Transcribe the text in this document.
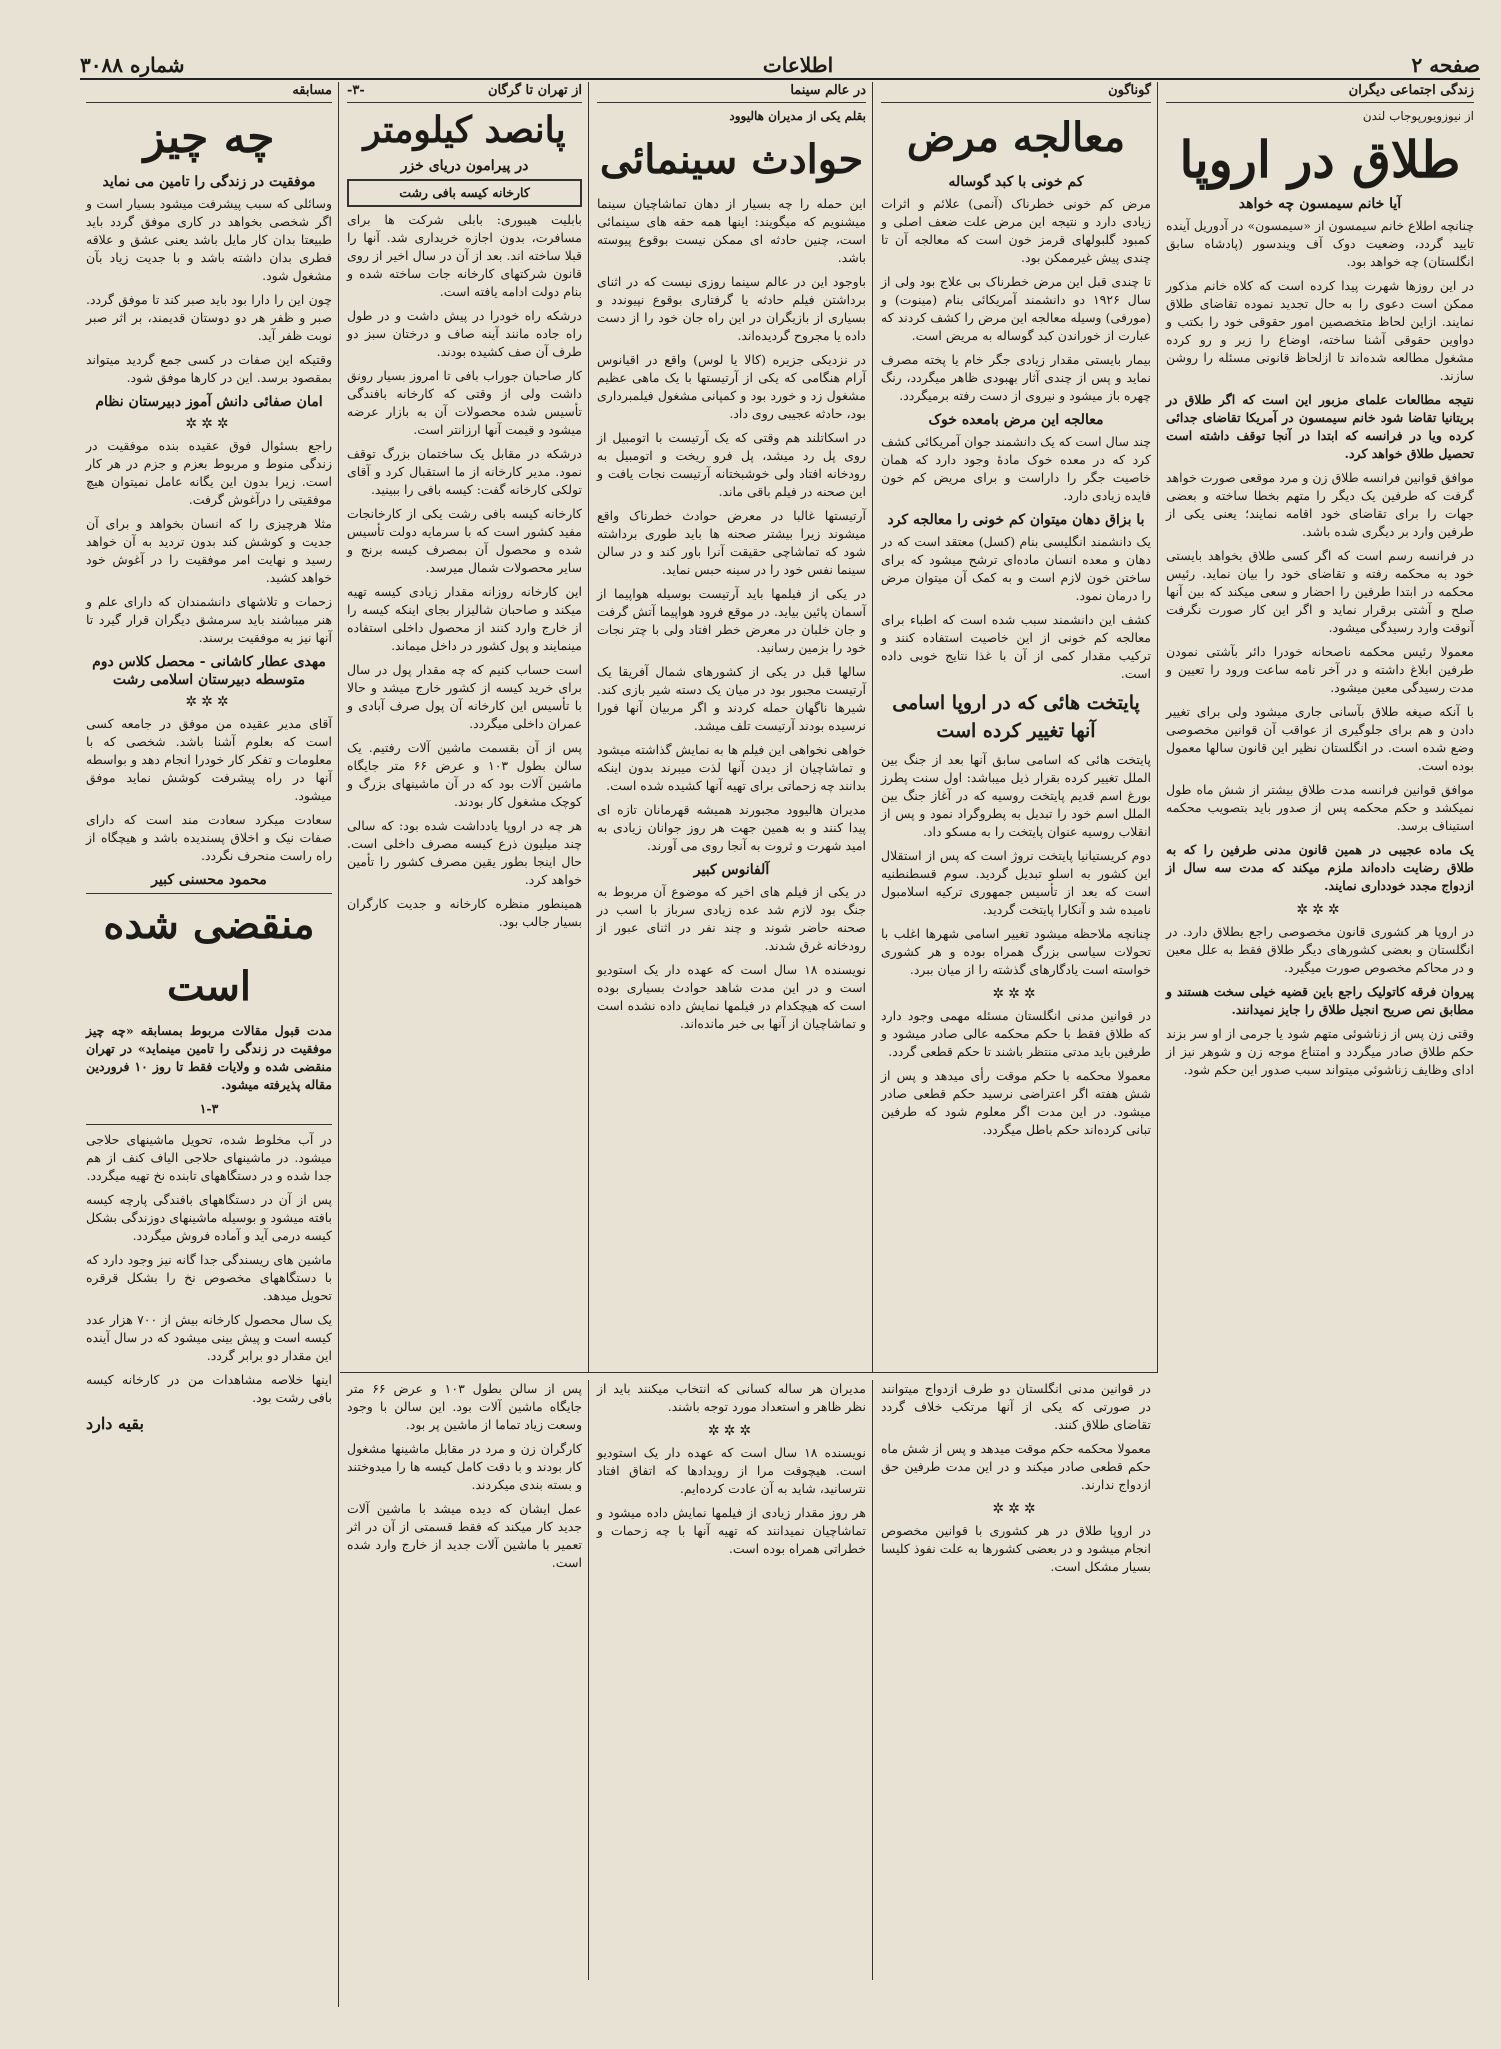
صفحه ۲
اطلاعات
شماره ۳۰۸۸
زندگی اجتماعی دیگران
از نیوزویورپوجاب لندن
طلاق در اروپا
آیا خانم سیمسون چه خواهد

چنانچه اطلاع خانم سیمسون از «سیمسون» در آدوریل آینده تایید گردد، وضعیت دوک آف ویندسور (پادشاه سابق انگلستان) چه خواهد بود.

در این روزها شهرت پیدا کرده است که کلاه خانم مذکور ممکن است دعوی را به حال تجدید نموده تقاضای طلاق نمایند. ازاین لحاظ متخصصین امور حقوقی خود را بکتب و دواوین حقوقی آشنا ساخته، اوضاع را زیر و رو کرده مشغول مطالعه شده‌اند تا ازلحاظ قانونی مسئله را روشن سازند.

نتیجه مطالعات علمای مزبور این است که اگر طلاق در بریتانیا تقاضا شود خانم سیمسون در آمریکا تقاضای جدائی کرده ویا در فرانسه که ابتدا در آنجا توقف داشته است تحصیل طلاق خواهد کرد.

موافق قوانین فرانسه طلاق زن و مرد موقعی صورت خواهد گرفت که طرفین یک دیگر را متهم بخطا ساخته و بعضی جهات را برای تقاضای خود اقامه نمایند؛ یعنی یکی از طرفین وارد بر دیگری شده باشد.

در فرانسه رسم است که اگر کسی طلاق بخواهد بایستی خود به محکمه رفته و تقاضای خود را بیان نماید. رئیس محکمه در ابتدا طرفین را احضار و سعی میکند که بین آنها صلح و آشتی برقرار نماید و اگر این کار صورت نگرفت آنوقت وارد رسیدگی میشود.

معمولا رئیس محکمه ناصحانه خودرا دائر بآشتی نمودن طرفین ابلاغ داشته و در آخر نامه ساعت ورود را تعیین و مدت رسیدگی معین میشود.

با آنکه صیغه طلاق بآسانی جاری میشود ولی برای تغییر دادن و هم برای جلوگیری از عواقب آن قوانین مخصوصی وضع شده است. در انگلستان نظیر این قانون سالها معمول بوده است.

موافق قوانین فرانسه مدت طلاق بیشتر از شش ماه طول نمیکشد و حکم محکمه پس از صدور باید بتصویب محکمه استیناف برسد.

یک ماده عجیبی در همین قانون مدنی طرفین را که به طلاق رضایت داده‌اند ملزم میکند که مدت سه سال از ازدواج مجدد خودداری نمایند.

✲✲✲

در اروپا هر کشوری قانون مخصوصی راجع بطلاق دارد. در انگلستان و بعضی کشورهای دیگر طلاق فقط به علل معین و در محاکم مخصوص صورت میگیرد.

پیروان فرقه کاتولیک راجع باین قضیه خیلی سخت هستند و مطابق نص صریح انجیل طلاق را جایز نمیدانند.

وقتی زن پس از زناشوئی متهم شود یا جرمی از او سر بزند حکم طلاق صادر میگردد و امتناع موجه زن و شوهر نیز از ادای وظایف زناشوئی میتواند سبب صدور این حکم شود.

گوناگون
معالجه مرض
کم خونی با کبد گوساله

مرض کم خونی خطرناک (آنمی) علائم و اثرات زیادی دارد و نتیجه این مرض علت ضعف اصلی و کمبود گلبولهای قرمز خون است که معالجه آن تا چندی پیش غیرممکن بود.

تا چندی قبل این مرض خطرناک بی علاج بود ولی از سال ۱۹۲۶ دو دانشمند آمریکائی بنام (مینوت) و (مورفی) وسیله معالجه این مرض را کشف کردند که عبارت از خوراندن کبد گوساله به مریض است.

بیمار بایستی مقدار زیادی جگر خام یا پخته مصرف نماید و پس از چندی آثار بهبودی ظاهر میگردد، رنگ چهره باز میشود و نیروی از دست رفته برمیگردد.

معالجه این مرض بامعده خوک

چند سال است که یک دانشمند جوان آمریکائی کشف کرد که در معده خوک مادهٔ وجود دارد که همان خاصیت جگر را داراست و برای مریض کم خون فایده زیادی دارد.

با بزاق دهان میتوان کم خونی را معالجه کرد

یک دانشمند انگلیسی بنام (کسل) معتقد است که در دهان و معده انسان ماده‌ای ترشح میشود که برای ساختن خون لازم است و به کمک آن میتوان مرض را درمان نمود.

کشف این دانشمند سبب شده است که اطباء برای معالجه کم خونی از این خاصیت استفاده کنند و ترکیب مقدار کمی از آن با غذا نتایج خوبی داده است.

پایتخت هائی که در اروپا اسامی آنها تغییر کرده است

پایتخت هائی که اسامی سابق آنها بعد از جنگ بین الملل تغییر کرده بقرار ذیل میباشد: اول سنت پطرز بورغ اسم قدیم پایتخت روسیه که در آغاز جنگ بین الملل اسم خود را تبدیل به پطروگراد نمود و پس از انقلاب روسیه عنوان پایتخت را به مسکو داد.

دوم کریستیانیا پایتخت نروژ است که پس از استقلال این کشور به اسلو تبدیل گردید. سوم قسطنطنیه است که بعد از تأسیس جمهوری ترکیه اسلامبول نامیده شد و آنکارا پایتخت گردید.

چنانچه ملاحظه میشود تغییر اسامی شهرها اغلب با تحولات سیاسی بزرگ همراه بوده و هر کشوری خواسته است یادگارهای گذشته را از میان ببرد.

✲✲✲

در قوانین مدنی انگلستان مسئله مهمی وجود دارد که طلاق فقط با حکم محکمه عالی صادر میشود و طرفین باید مدتی منتظر باشند تا حکم قطعی گردد.

معمولا محکمه با حکم موقت رأی میدهد و پس از شش هفته اگر اعتراضی نرسید حکم قطعی صادر میشود. در این مدت اگر معلوم شود که طرفین تبانی کرده‌اند حکم باطل میگردد.

در عالم سینما
بقلم یکی از مدیران هالیوود
حوادث سینمائی

این حمله را چه بسیار از دهان تماشاچیان سینما میشنویم که میگویند: اینها همه حقه های سینمائی است، چنین حادثه ای ممکن نیست بوقوع پیوسته باشد.

باوجود این در عالم سینما روزی نیست که در اثنای برداشتن فیلم حادثه یا گرفتاری بوقوع نپیوندد و بسیاری از بازیگران در این راه جان خود را از دست داده یا مجروح گردیده‌اند.

در نزدیکی جزیره (کالا یا لوس) واقع در اقیانوس آرام هنگامی که یکی از آرتیستها با یک ماهی عظیم مشغول زد و خورد بود و کمپانی مشغول فیلمبرداری بود، حادثه عجیبی روی داد.

در اسکاتلند هم وقتی که یک آرتیست با اتومبیل از روی پل رد میشد، پل فرو ریخت و اتومبیل به رودخانه افتاد ولی خوشبختانه آرتیست نجات یافت و این صحنه در فیلم باقی ماند.

آرتیستها غالبا در معرض حوادث خطرناک واقع میشوند زیرا بیشتر صحنه ها باید طوری برداشته شود که تماشاچی حقیقت آنرا باور کند و در سالن سینما نفس خود را در سینه حبس نماید.

در یکی از فیلمها باید آرتیست بوسیله هواپیما از آسمان پائین بیاید. در موقع فرود هواپیما آتش گرفت و جان خلبان در معرض خطر افتاد ولی با چتر نجات خود را بزمین رسانید.

سالها قبل در یکی از کشورهای شمال آفریقا یک آرتیست مجبور بود در میان یک دسته شیر بازی کند. شیرها ناگهان حمله کردند و اگر مربیان آنها فورا نرسیده بودند آرتیست تلف میشد.

خواهی نخواهی این فیلم ها به نمایش گذاشته میشود و تماشاچیان از دیدن آنها لذت میبرند بدون اینکه بدانند چه زحماتی برای تهیه آنها کشیده شده است.

مدیران هالیوود مجبورند همیشه قهرمانان تازه ای پیدا کنند و به همین جهت هر روز جوانان زیادی به امید شهرت و ثروت به آنجا روی می آورند.

آلفانوس کبیر

در یکی از فیلم های اخیر که موضوع آن مربوط به جنگ بود لازم شد عده زیادی سرباز با اسب در صحنه حاضر شوند و چند نفر در اثنای عبور از رودخانه غرق شدند.

نویسنده ۱۸ سال است که عهده دار یک استودیو است و در این مدت شاهد حوادث بسیاری بوده است که هیچکدام در فیلمها نمایش داده نشده است و تماشاچیان از آنها بی خبر مانده‌اند.

از تهران تا گرگان
-۳-
پانصد کیلومتر
در پیرامون دریای خزر
کارخانه کیسه بافی رشت

بابلیت هیبوری: بابلی شرکت ها برای مسافرت، بدون اجازه خریداری شد. آنها را قبلا ساخته اند. بعد از آن در سال اخیر از روی قانون شرکتهای کارخانه جات ساخته شده و بنام دولت ادامه یافته است.

درشکه راه خودرا در پیش داشت و در طول راه جاده مانند آینه صاف و درختان سبز دو طرف آن صف کشیده بودند.

کار صاحبان جوراب بافی تا امروز بسیار رونق داشت ولی از وقتی که کارخانه بافندگی تأسیس شده محصولات آن به بازار عرضه میشود و قیمت آنها ارزانتر است.

درشکه در مقابل یک ساختمان بزرگ توقف نمود. مدیر کارخانه از ما استقبال کرد و آقای تولکی کارخانه گفت: کیسه بافی را ببینید.

کارخانه کیسه بافی رشت یکی از کارخانجات مفید کشور است که با سرمایه دولت تأسیس شده و محصول آن بمصرف کیسه برنج و سایر محصولات شمال میرسد.

این کارخانه روزانه مقدار زیادی کیسه تهیه میکند و صاحبان شالیزار بجای اینکه کیسه را از خارج وارد کنند از محصول داخلی استفاده مینمایند و پول کشور در داخل میماند.

است حساب کنیم که چه مقدار پول در سال برای خرید کیسه از کشور خارج میشد و حالا با تأسیس این کارخانه آن پول صرف آبادی و عمران داخلی میگردد.

پس از آن بقسمت ماشین آلات رفتیم. یک سالن بطول ۱۰۳ و عرض ۶۶ متر جایگاه ماشین آلات بود که در آن ماشینهای بزرگ و کوچک مشغول کار بودند.

هر چه در اروپا یادداشت شده بود: که سالی چند میلیون ذرع کیسه مصرف داخلی است. حال اینجا بطور یقین مصرف کشور را تأمین خواهد کرد.

همینطور منظره کارخانه و جدیت کارگران بسیار جالب بود.

مسابقه
چه چیز
موفقیت در زندگی را تامین می نماید

وسائلی که سبب پیشرفت میشود بسیار است و اگر شخصی بخواهد در کاری موفق گردد باید طبیعتا بدان کار مایل باشد یعنی عشق و علاقه فطری بدان داشته باشد و با جدیت زیاد بآن مشغول شود.

چون این را دارا بود باید صبر کند تا موفق گردد. صبر و ظفر هر دو دوستان قدیمند، بر اثر صبر نوبت ظفر آید.

وقتیکه این صفات در کسی جمع گردید میتواند بمقصود برسد. این در کارها موفق شود.

امان صفائی دانش آموز دبیرستان نظام
✲✲✲

راجع بسئوال فوق عقیده بنده موفقیت در زندگی منوط و مربوط بعزم و جزم در هر کار است. زیرا بدون این یگانه عامل نمیتوان هیچ موفقیتی را درآغوش گرفت.

مثلا هرچیزی را که انسان بخواهد و برای آن جدیت و کوشش کند بدون تردید به آن خواهد رسید و نهایت امر موفقیت را در آغوش خود خواهد کشید.

زحمات و تلاشهای دانشمندان که دارای علم و هنر میباشند باید سرمشق دیگران قرار گیرد تا آنها نیز به موفقیت برسند.

مهدی عطار کاشانی - محصل کلاس دوم متوسطه دبیرستان اسلامی رشت
✲✲✲

آقای مدیر عقیده من موفق در جامعه کسی است که بعلوم آشنا باشد. شخصی که با معلومات و تفکر کار خودرا انجام دهد و بواسطه آنها در راه پیشرفت کوشش نماید موفق میشود.

سعادت میکرد سعادت مند است که دارای صفات نیک و اخلاق پسندیده باشد و هیچگاه از راه راست منحرف نگردد.

محمود محسنی کبیر
منقضی شده است

مدت قبول مقالات مربوط بمسابقه «چه چیز موفقیت در زندگی را تامین مینماید» در تهران منقضی شده و ولایات فقط تا روز ۱۰ فروردین مقاله پذیرفته میشود.

۱-۳

در آب مخلوط شده، تحویل ماشینهای حلاجی میشود. در ماشینهای حلاجی الیاف کنف از هم جدا شده و در دستگاههای تابنده نخ تهیه میگردد.

پس از آن در دستگاههای بافندگی پارچه کیسه بافته میشود و بوسیله ماشینهای دوزندگی بشکل کیسه درمی آید و آماده فروش میگردد.

ماشین های ریسندگی جدا گانه نیز وجود دارد که با دستگاههای مخصوص نخ را بشکل قرقره تحویل میدهد.

یک سال محصول کارخانه بیش از ۷۰۰ هزار عدد کیسه است و پیش بینی میشود که در سال آینده این مقدار دو برابر گردد.

اینها خلاصه مشاهدات من در کارخانه کیسه بافی رشت بود.

بقیه دارد

پس از سالن بطول ۱۰۳ و عرض ۶۶ متر جایگاه ماشین آلات بود. این سالن با وجود وسعت زیاد تماما از ماشین پر بود.

کارگران زن و مرد در مقابل ماشینها مشغول کار بودند و با دقت کامل کیسه ها را میدوختند و بسته بندی میکردند.

عمل ایشان که دیده میشد با ماشین آلات جدید کار میکند که فقط قسمتی از آن در اثر تعمیر با ماشین آلات جدید از خارج وارد شده است.

مدیران هر ساله کسانی که انتخاب میکنند باید از نظر ظاهر و استعداد مورد توجه باشند.

✲✲✲

نویسنده ۱۸ سال است که عهده دار یک استودیو است. هیچوقت مرا از رویدادها که اتفاق افتاد نترسانید، شاید به آن عادت کرده‌ایم.

هر روز مقدار زیادی از فیلمها نمایش داده میشود و تماشاچیان نمیدانند که تهیه آنها با چه زحمات و خطراتی همراه بوده است.

در قوانین مدنی انگلستان دو طرف ازدواج میتوانند در صورتی که یکی از آنها مرتکب خلاف گردد تقاضای طلاق کنند.

معمولا محکمه حکم موقت میدهد و پس از شش ماه حکم قطعی صادر میکند و در این مدت طرفین حق ازدواج ندارند.

✲✲✲

در اروپا طلاق در هر کشوری با قوانین مخصوص انجام میشود و در بعضی کشورها به علت نفوذ کلیسا بسیار مشکل است.
